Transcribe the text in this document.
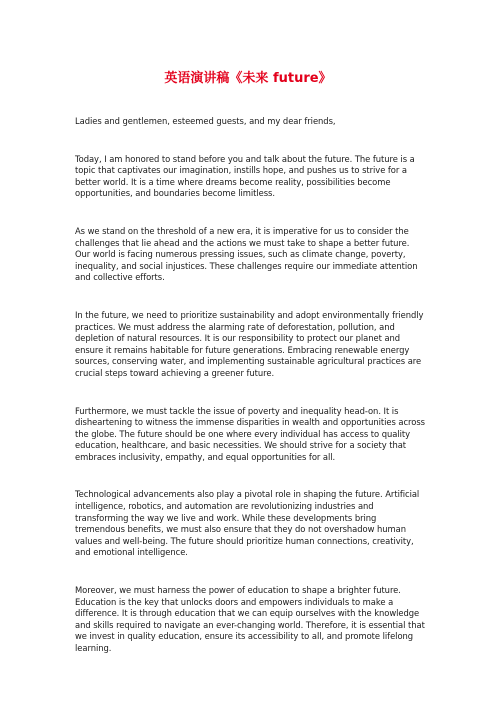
英语演讲稿《未来 future》

Ladies and gentlemen, esteemed guests, and my dear friends,

Today, I am honored to stand before you and talk about the future. The future is a topic that captivates our imagination, instills hope, and pushes us to strive for a better world. It is a time where dreams become reality, possibilities become opportunities, and boundaries become limitless.

As we stand on the threshold of a new era, it is imperative for us to consider the challenges that lie ahead and the actions we must take to shape a better future. Our world is facing numerous pressing issues, such as climate change, poverty, inequality, and social injustices. These challenges require our immediate attention and collective efforts.

In the future, we need to prioritize sustainability and adopt environmentally friendly practices. We must address the alarming rate of deforestation, pollution, and depletion of natural resources. It is our responsibility to protect our planet and ensure it remains habitable for future generations. Embracing renewable energy sources, conserving water, and implementing sustainable agricultural practices are crucial steps toward achieving a greener future.

Furthermore, we must tackle the issue of poverty and inequality head-on. It is disheartening to witness the immense disparities in wealth and opportunities across the globe. The future should be one where every individual has access to quality education, healthcare, and basic necessities. We should strive for a society that embraces inclusivity, empathy, and equal opportunities for all.

Technological advancements also play a pivotal role in shaping the future. Artificial intelligence, robotics, and automation are revolutionizing industries and transforming the way we live and work. While these developments bring tremendous benefits, we must also ensure that they do not overshadow human values and well-being. The future should prioritize human connections, creativity, and emotional intelligence.

Moreover, we must harness the power of education to shape a brighter future. Education is the key that unlocks doors and empowers individuals to make a difference. It is through education that we can equip ourselves with the knowledge and skills required to navigate an ever-changing world. Therefore, it is essential that we invest in quality education, ensure its accessibility to all, and promote lifelong learning.
